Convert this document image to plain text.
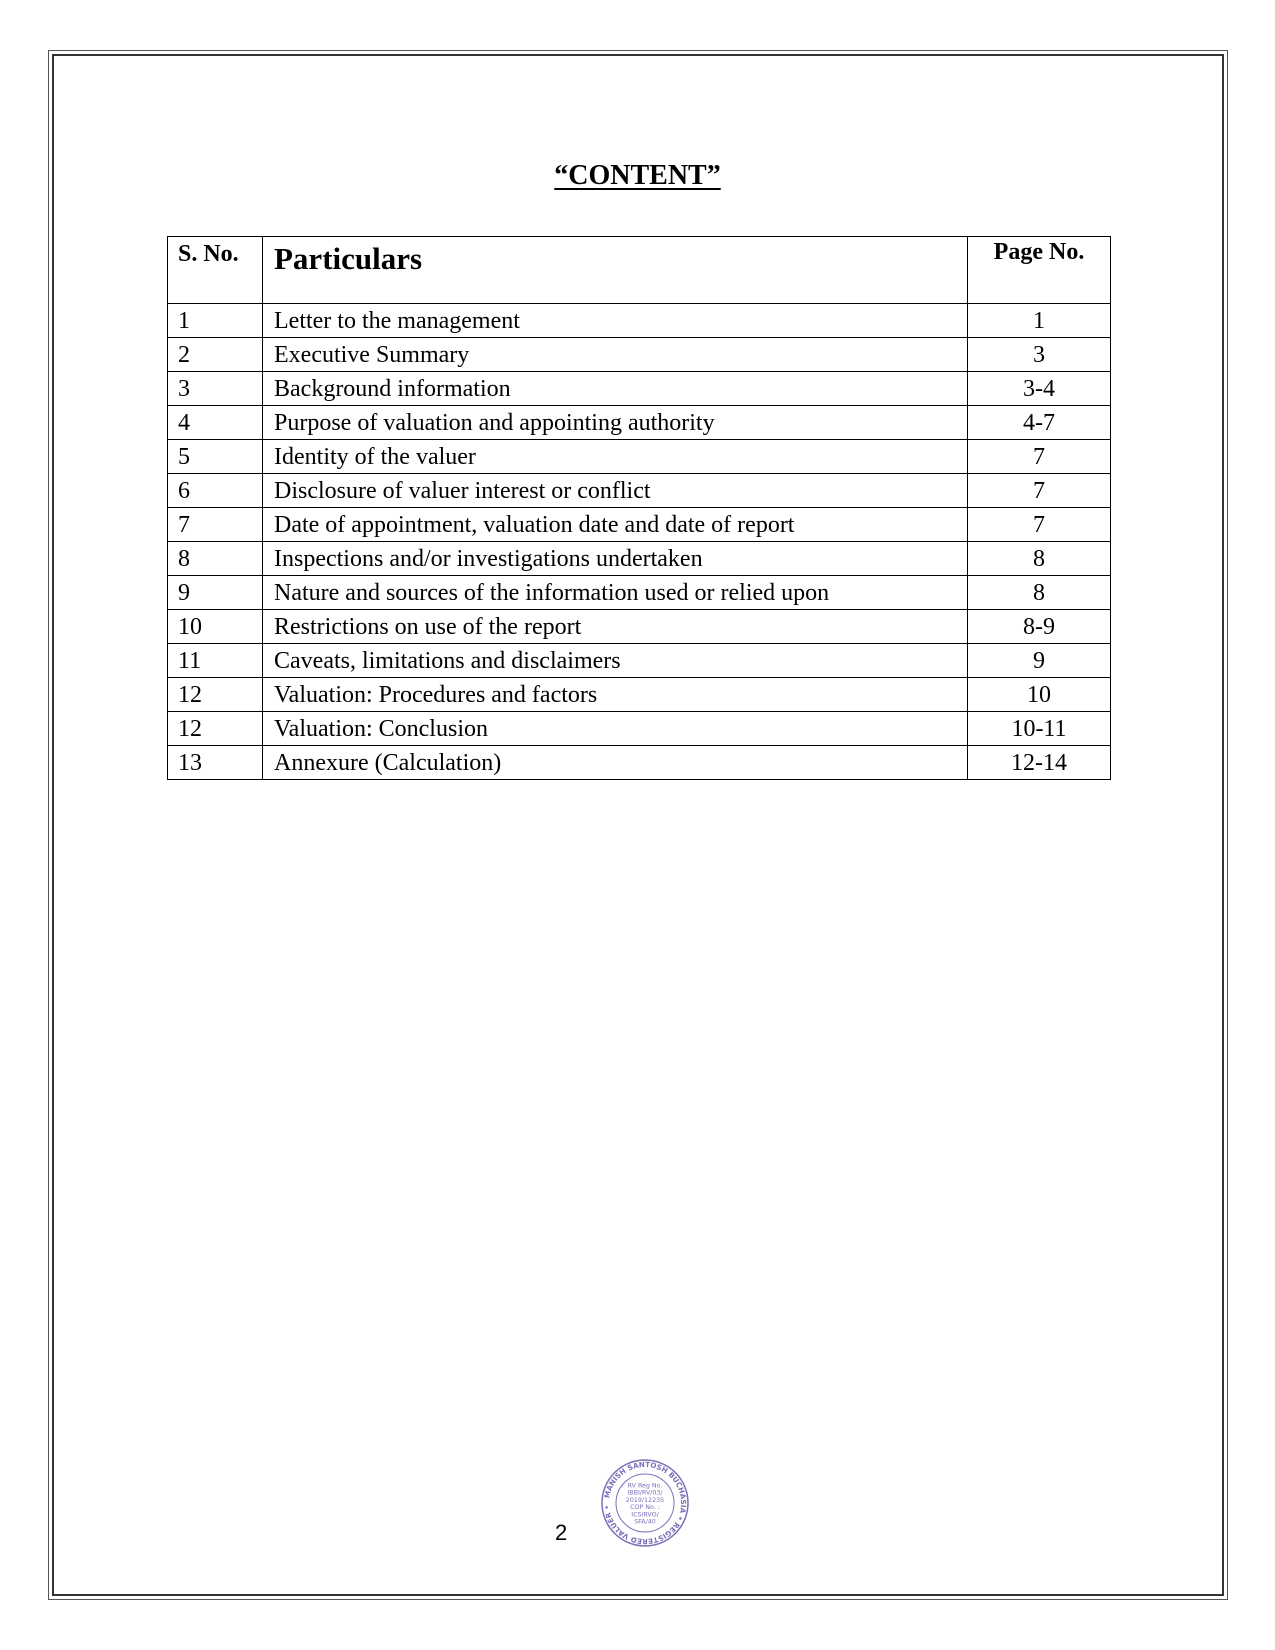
“CONTENT”
S. No.	Particulars	Page No.
1	Letter to the management	1
2	Executive Summary	3
3	Background information	3-4
4	Purpose of valuation and appointing authority	4-7
5	Identity of the valuer	7
6	Disclosure of valuer interest or conflict	7
7	Date of appointment, valuation date and date of report	7
8	Inspections and/or investigations undertaken	8
9	Nature and sources of the information used or relied upon	8
10	Restrictions on use of the report	8-9
11	Caveats, limitations and disclaimers	9
12	Valuation: Procedures and factors	10
12	Valuation: Conclusion	10-11
13	Annexure (Calculation)	12-14
2
MANISH SANTOSH BUCHASIA • REGISTERED VALUER •
RV Reg No.
IBBI/RV/03/
2019/12235
COP No. :
ICSIRVO/
SFA/40
